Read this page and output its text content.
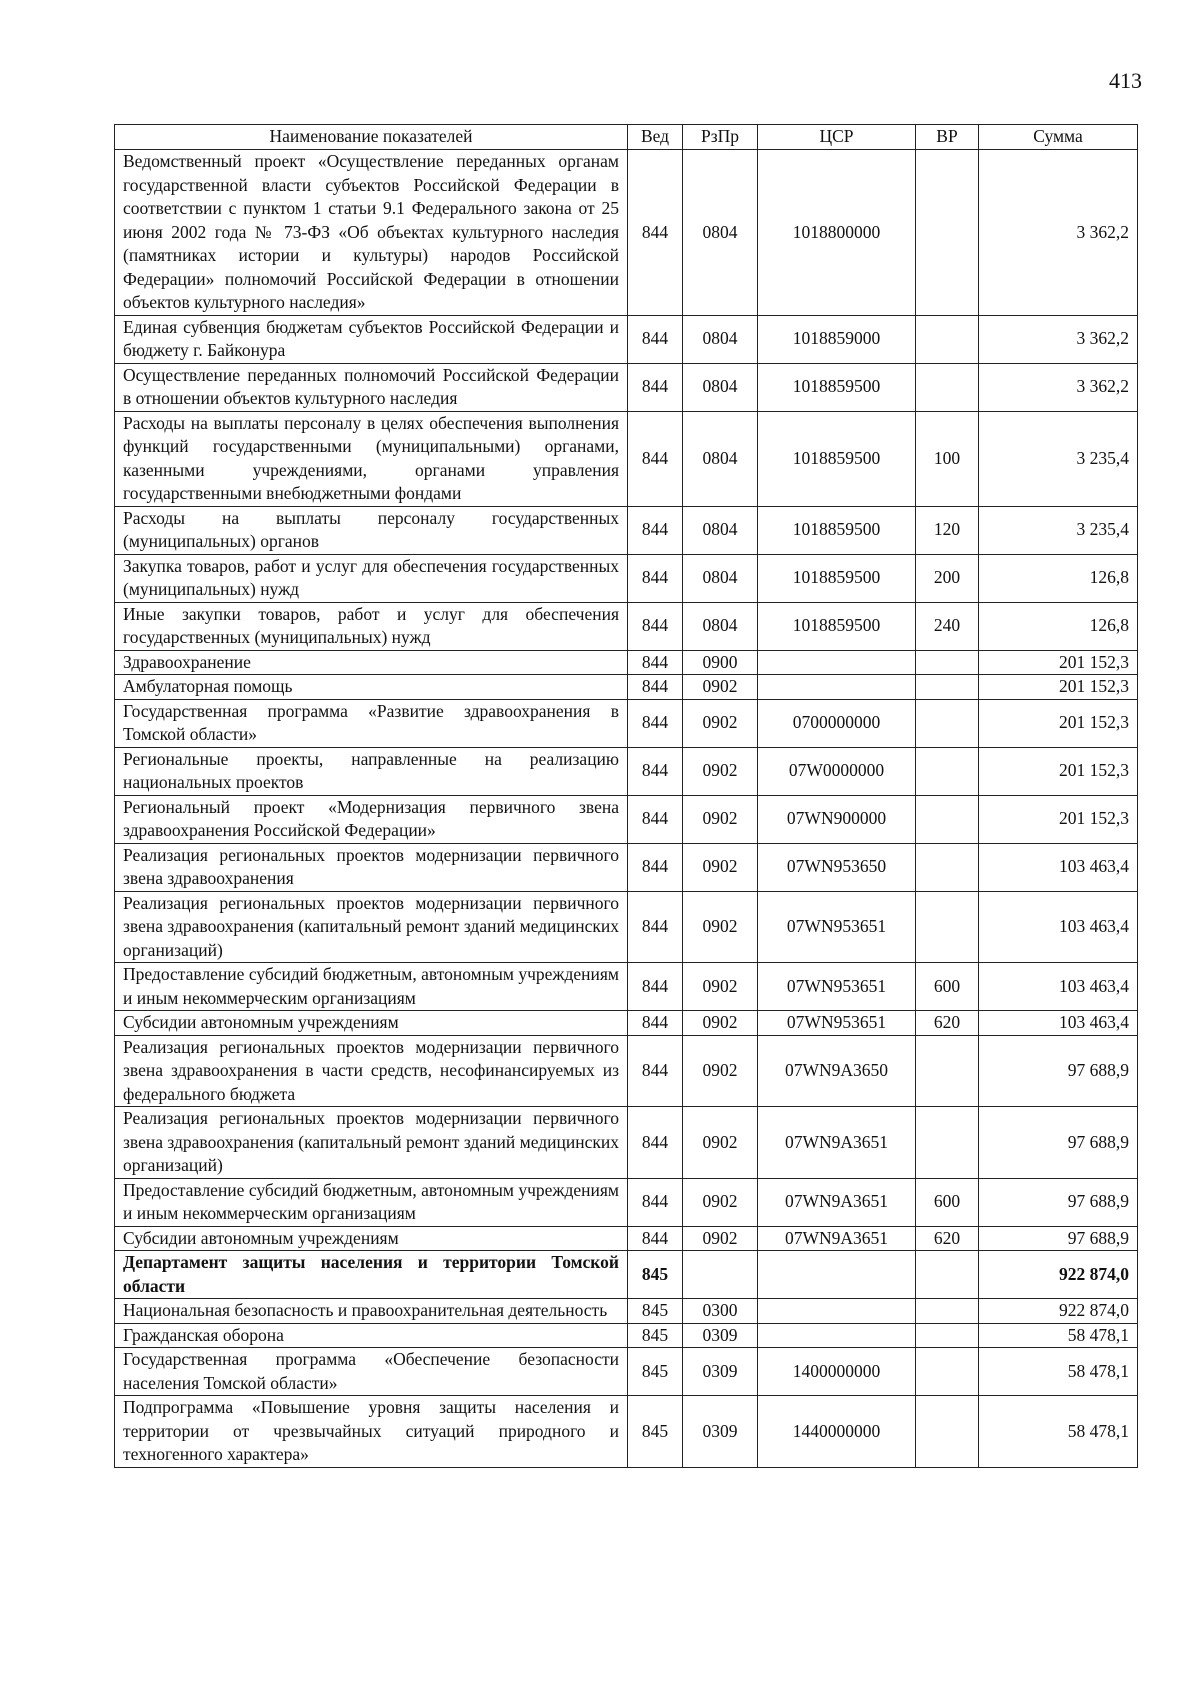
413
Наименование показателей	Вед	РзПр	ЦСР	ВР	Сумма
Ведомственный проект «Осуществление переданных органам государственной власти субъектов Российской Федерации в соответствии с пунктом 1 статьи 9.1 Федерального закона от 25 июня 2002 года № 73-ФЗ «Об объектах культурного наследия (памятниках истории и культуры) народов Российской Федерации» полномочий Российской Федерации в отношении объектов культурного наследия»	844	0804	1018800000		3 362,2
Единая субвенция бюджетам субъектов Российской Федерации и бюджету г. Байконура	844	0804	1018859000		3 362,2
Осуществление переданных полномочий Российской Федерации в отношении объектов культурного наследия	844	0804	1018859500		3 362,2
Расходы на выплаты персоналу в целях обеспечения выполнения функций государственными (муниципальными) органами, казенными учреждениями, органами управления государственными внебюджетными фондами	844	0804	1018859500	100	3 235,4
Расходы на выплаты персоналу государственных (муниципальных) органов	844	0804	1018859500	120	3 235,4
Закупка товаров, работ и услуг для обеспечения государственных (муниципальных) нужд	844	0804	1018859500	200	126,8
Иные закупки товаров, работ и услуг для обеспечения государственных (муниципальных) нужд	844	0804	1018859500	240	126,8
Здравоохранение	844	0900			201 152,3
Амбулаторная помощь	844	0902			201 152,3
Государственная программа «Развитие здравоохранения в Томской области»	844	0902	0700000000		201 152,3
Региональные проекты, направленные на реализацию национальных проектов	844	0902	07W0000000		201 152,3
Региональный проект «Модернизация первичного звена здравоохранения Российской Федерации»	844	0902	07WN900000		201 152,3
Реализация региональных проектов модернизации первичного звена здравоохранения	844	0902	07WN953650		103 463,4
Реализация региональных проектов модернизации первичного звена здравоохранения (капитальный ремонт зданий медицинских организаций)	844	0902	07WN953651		103 463,4
Предоставление субсидий бюджетным, автономным учреждениям и иным некоммерческим организациям	844	0902	07WN953651	600	103 463,4
Субсидии автономным учреждениям	844	0902	07WN953651	620	103 463,4
Реализация региональных проектов модернизации первичного звена здравоохранения в части средств, несофинансируемых из федерального бюджета	844	0902	07WN9A3650		97 688,9
Реализация региональных проектов модернизации первичного звена здравоохранения (капитальный ремонт зданий медицинских организаций)	844	0902	07WN9A3651		97 688,9
Предоставление субсидий бюджетным, автономным учреждениям и иным некоммерческим организациям	844	0902	07WN9A3651	600	97 688,9
Субсидии автономным учреждениям	844	0902	07WN9A3651	620	97 688,9
Департамент защиты населения и территории Томской области	845				922 874,0
Национальная безопасность и правоохранительная деятельность	845	0300			922 874,0
Гражданская оборона	845	0309			58 478,1
Государственная программа «Обеспечение безопасности населения Томской области»	845	0309	1400000000		58 478,1
Подпрограмма «Повышение уровня защиты населения и территории от чрезвычайных ситуаций природного и техногенного характера»	845	0309	1440000000		58 478,1
